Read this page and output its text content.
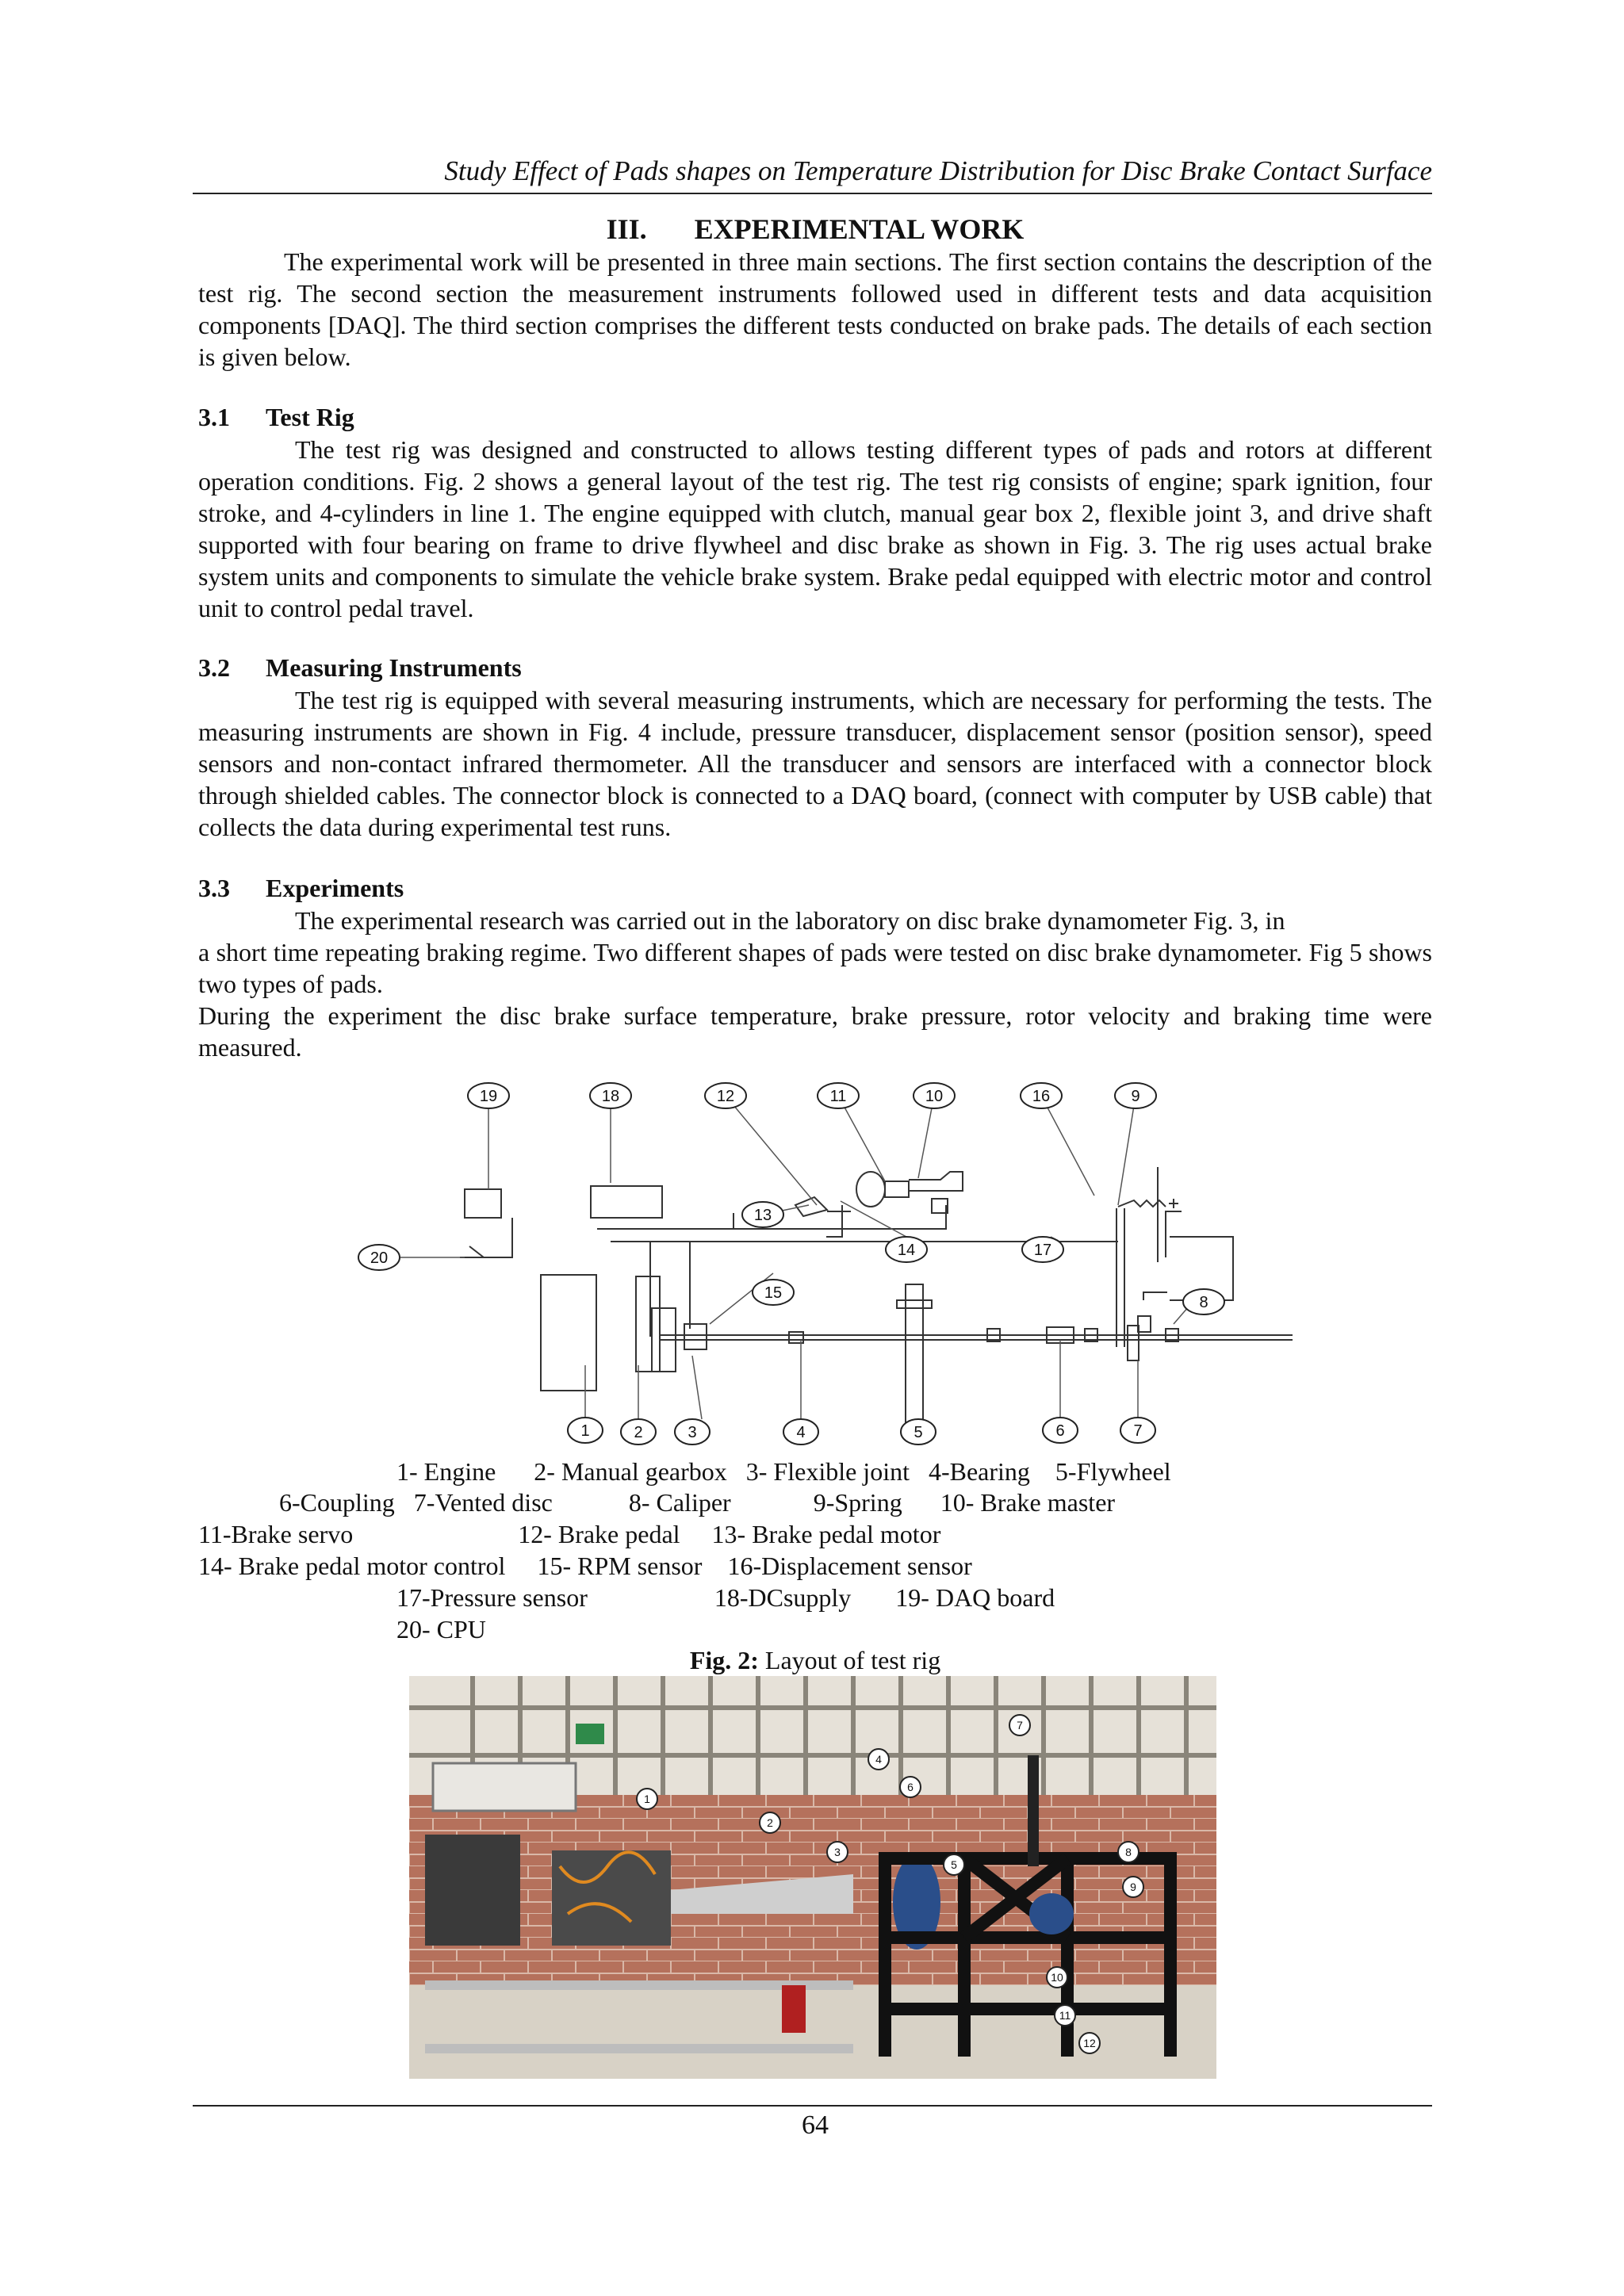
Study Effect of Pads shapes on Temperature Distribution for Disc Brake Contact Surface
III. EXPERIMENTAL WORK

The experimental work will be presented in three main sections. The first section contains the description of the test rig. The second section the measurement instruments followed used in different tests and data acquisition components [DAQ]. The third section comprises the different tests conducted on brake pads. The details of each section is given below.

3.1 Test Rig

The test rig was designed and constructed to allows testing different types of pads and rotors at different operation conditions. Fig. 2 shows a general layout of the test rig. The test rig consists of engine; spark ignition, four stroke, and 4-cylinders in line 1. The engine equipped with clutch, manual gear box 2, flexible joint 3, and drive shaft supported with four bearing on frame to drive flywheel and disc brake as shown in Fig. 3. The rig uses actual brake system units and components to simulate the vehicle brake system. Brake pedal equipped with electric motor and control unit to control pedal travel.

3.2 Measuring Instruments

The test rig is equipped with several measuring instruments, which are necessary for performing the tests. The measuring instruments are shown in Fig. 4 include, pressure transducer, displacement sensor (position sensor), speed sensors and non-contact infrared thermometer. All the transducer and sensors are interfaced with a connector block through shielded cables. The connector block is connected to a DAQ board, (connect with computer by USB cable) that collects the data during experimental test runs.

3.3 Experiments
The experimental research was carried out in the laboratory on disc brake dynamometer Fig. 3, in

a short time repeating braking regime. Two different shapes of pads were tested on disc brake dynamometer. Fig 5 shows two types of pads.

During the experiment the disc brake surface temperature, brake pressure, rotor velocity and braking time were measured.

1	2	3	4	5	6	7
8
9
10
11
12
13
14
15
16
17
18
19
20
1- Engine      2- Manual gearbox   3- Flexible joint   4-Bearing    5-Flywheel
6-Coupling   7-Vented disc            8- Caliper             9-Spring      10- Brake master
11-Brake servo                          12- Brake pedal     13- Brake pedal motor
14- Brake pedal motor control     15- RPM sensor    16-Displacement sensor
17-Pressure sensor                    18-DCsupply       19- DAQ board
20- CPU
Fig. 2: Layout of test rig
1
2
3
4
5
6
7
8
9
10
11
12
64
